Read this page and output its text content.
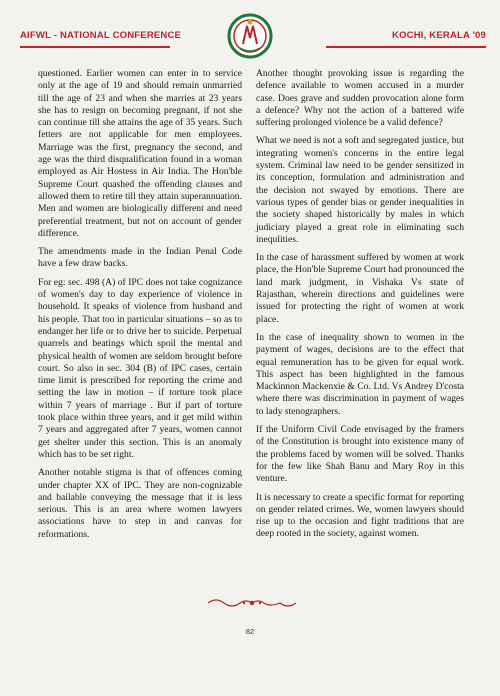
AIFWL - NATIONAL CONFERENCE	KOCHI, KERALA '09

questioned. Earlier women can enter in to service only at the age of 19 and should remain unmarried till the age of 23 and when she marries at 23 years she has to resign on becoming pregnant, if not she can continue till she attains the age of 35 years. Such fetters are not applicable for men employees. Marriage was the first, pregnancy the second, and age was the third disqualification found in a woman employed as Air Hostess in Air India. The Hon'ble Supreme Court quashed the offending clauses and allowed them to retire till they attain superannuation. Men and women are biologically different and need preferential treatment, but not on account of gender difference.

The amendments made in the Indian Penal Code have a few draw backs.

For eg: sec. 498 (A) of IPC does not take cognizance of women's day to day experience of violence in household. It speaks of violence from husband and his people. That too in particular situations – so as to endanger her life or to drive her to suicide. Perpetual quarrels and beatings which spoil the mental and physical health of women are seldom brought before court. So also in sec. 304 (B) of IPC cases, certain time limit is prescribed for reporting the crime and setting the law in motion – if torture took place within 7 years of marriage . But if part of torture took place within three years, and it get mild within 7 years and aggregated after 7 years, women cannot get shelter under this section. This is an anomaly which has to be set right.

Another notable stigma is that of offences coming under chapter XX of IPC. They are non-cognizable and bailable conveying the message that it is less serious. This is an area where women lawyers associations have to step in and canvas for reformations.

Another thought provoking issue is regarding the defence available to women accused in a murder case. Does grave and sudden provocation alone form a defence? Why not the action of a battered wife suffering prolonged violence be a valid defence?

What we need is not a soft and segregated justice, but integrating women's concerns in the entire legal system. Criminal law need to be gender sensitized in its conception, formulation and administration and the decision not swayed by emotions. There are various types of gender bias or gender inequalities in the society shaped historically by males in which judiciary played a great role in eliminating such inequlities.

In the case of harassment suffered by women at work place, the Hon'ble Supreme Court had pronounced the land mark judgment, in Vishaka Vs state of Rajasthan, wherein directions and guidelines were issued for protecting the right of women at work place.

In the case of inequality shown to women in the payment of wages, decisions are to the effect that equal remuneration has to be given for equal work. This aspect has been highlighted in the famous Mackinnon Mackenxie & Co. Ltd. Vs Andrey D'costa where there was discrimination in payment of wages to lady stenographers.

If the Uniform Civil Code envisaged by the framers of the Constitution is brought into existence many of the problems faced by women will be solved. Thanks for the few like Shah Banu and Mary Roy in this venture.

It is necessary to create a specific format for reporting on gender related crimes. We, women lawyers should rise up to the occasion and fight traditions that are deep rooted in the society, against women.

82
